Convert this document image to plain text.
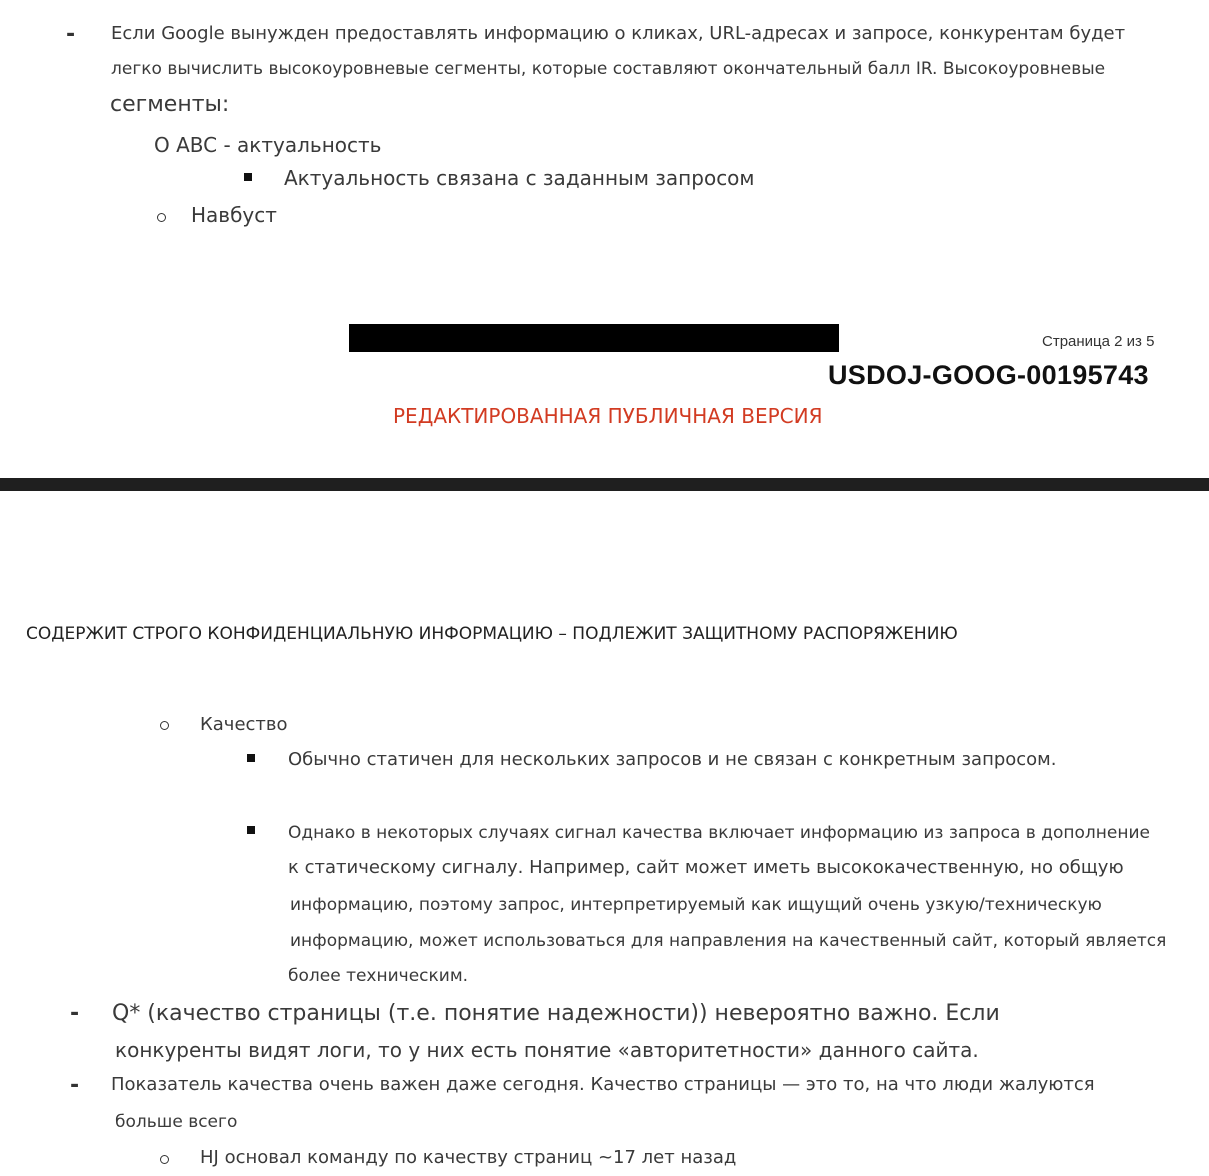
- Если Google вынужден предоставлять информацию о кликах, URL-адресах и запросе, конкурентам будет
легко вычислить высокоуровневые сегменты, которые составляют окончательный балл IR. Высокоуровневые
сегменты:
О ABC - актуальность
Актуальность связана с заданным запросом
Навбуст
Страница 2 из 5
USDOJ-GOOG-00195743
РЕДАКТИРОВАННАЯ ПУБЛИЧНАЯ ВЕРСИЯ
СОДЕРЖИТ СТРОГО КОНФИДЕНЦИАЛЬНУЮ ИНФОРМАЦИЮ – ПОДЛЕЖИТ ЗАЩИТНОМУ РАСПОРЯЖЕНИЮ
Качество
Обычно статичен для нескольких запросов и не связан с конкретным запросом.
Однако в некоторых случаях сигнал качества включает информацию из запроса в дополнение
к статическому сигналу. Например, сайт может иметь высококачественную, но общую
информацию, поэтому запрос, интерпретируемый как ищущий очень узкую/техническую
информацию, может использоваться для направления на качественный сайт, который является
более техническим.
- Q* (качество страницы (т.е. понятие надежности)) невероятно важно. Если
конкуренты видят логи, то у них есть понятие «авторитетности» данного сайта.
- Показатель качества очень важен даже сегодня. Качество страницы — это то, на что люди жалуются
больше всего
HJ основал команду по качеству страниц ~17 лет назад
